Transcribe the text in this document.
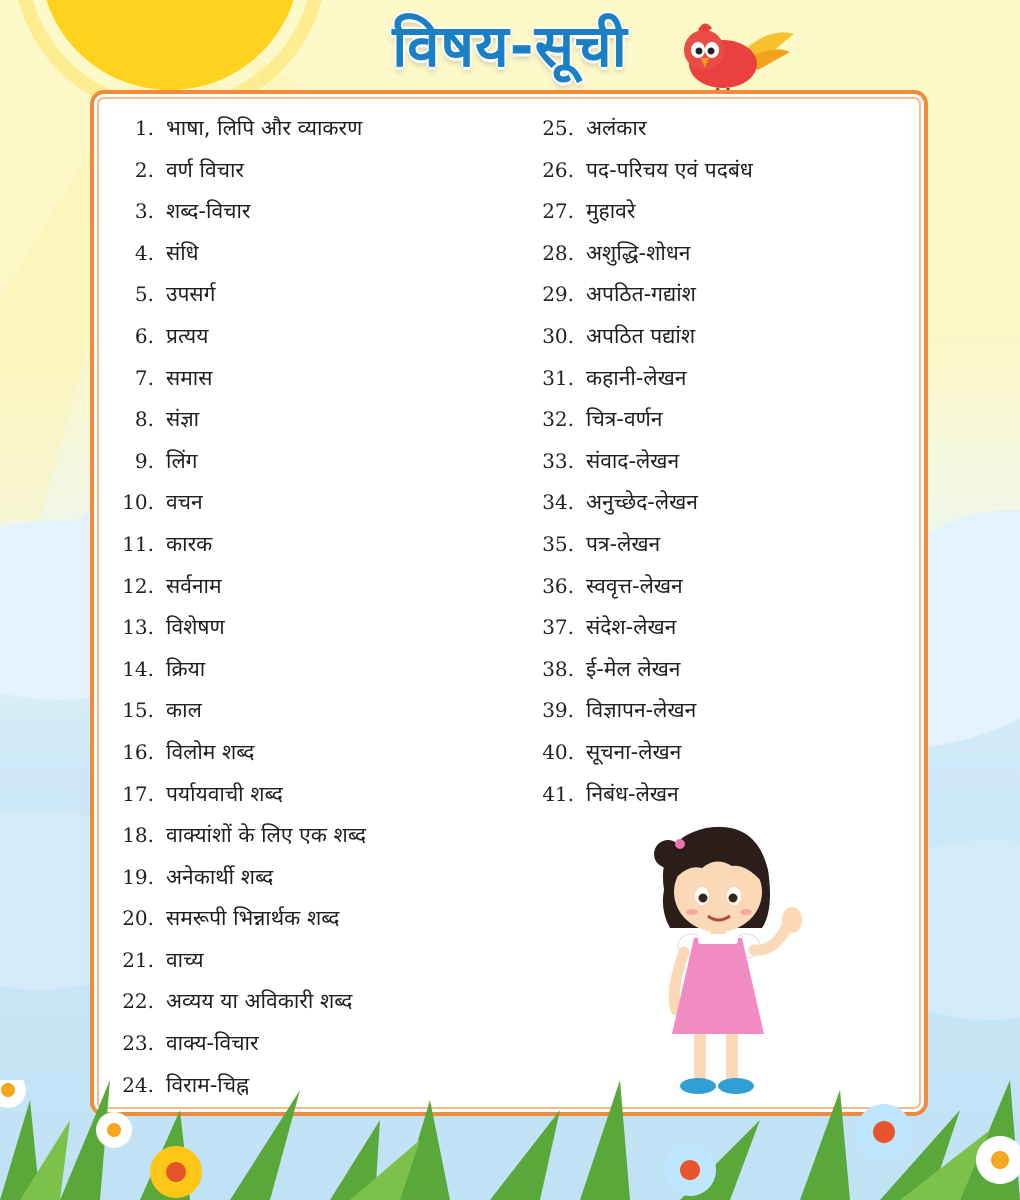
विषय-सूची
1. भाषा, लिपि और व्याकरण
2. वर्ण विचार
3. शब्द-विचार
4. संधि
5. उपसर्ग
6. प्रत्यय
7. समास
8. संज्ञा
9. लिंग
10. वचन
11. कारक
12. सर्वनाम
13. विशेषण
14. क्रिया
15. काल
16. विलोम शब्द
17. पर्यायवाची शब्द
18. वाक्यांशों के लिए एक शब्द
19. अनेकार्थी शब्द
20. समरूपी भिन्नार्थक शब्द
21. वाच्य
22. अव्यय या अविकारी शब्द
23. वाक्य-विचार
24. विराम-चिह्न
25. अलंकार
26. पद-परिचय एवं पदबंध
27. मुहावरे
28. अशुद्धि-शोधन
29. अपठित-गद्यांश
30. अपठित पद्यांश
31. कहानी-लेखन
32. चित्र-वर्णन
33. संवाद-लेखन
34. अनुच्छेद-लेखन
35. पत्र-लेखन
36. स्ववृत्त-लेखन
37. संदेश-लेखन
38. ई-मेल लेखन
39. विज्ञापन-लेखन
40. सूचना-लेखन
41. निबंध-लेखन
